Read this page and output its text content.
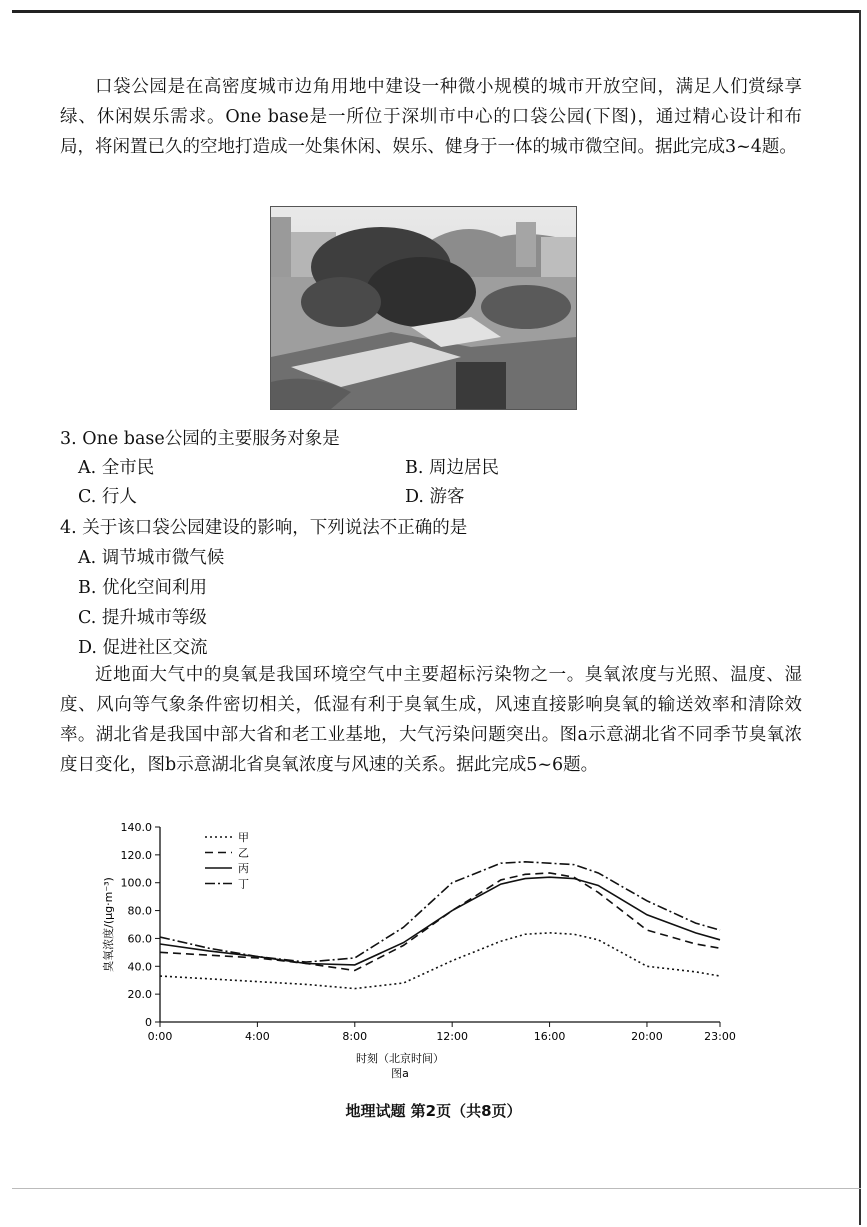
口袋公园是在高密度城市边角用地中建设一种微小规模的城市开放空间，满足人们赏绿享绿、休闲娱乐需求。One base是一所位于深圳市中心的口袋公园(下图)，通过精心设计和布局，将闲置已久的空地打造成一处集休闲、娱乐、健身于一体的城市微空间。据此完成3~4题。

3. One base公园的主要服务对象是

A. 全市民	B. 周边居民

C. 行人	D. 游客

4. 关于该口袋公园建设的影响，下列说法不正确的是

A. 调节城市微气候

B. 优化空间利用

C. 提升城市等级

D. 促进社区交流

近地面大气中的臭氧是我国环境空气中主要超标污染物之一。臭氧浓度与光照、温度、湿度、风向等气象条件密切相关，低湿有利于臭氧生成，风速直接影响臭氧的输送效率和清除效率。湖北省是我国中部大省和老工业基地，大气污染问题突出。图a示意湖北省不同季节臭氧浓度日变化，图b示意湖北省臭氧浓度与风速的关系。据此完成5~6题。

0
20.0
40.0
60.0
80.0
100.0
120.0
140.0
0:00	4:00	8:00	12:00	16:00	20:00	23:00
臭氧浓度/(μg·m⁻³)
时刻（北京时间）
图a
甲
乙
丙
丁
地理试题 第2页（共8页）
